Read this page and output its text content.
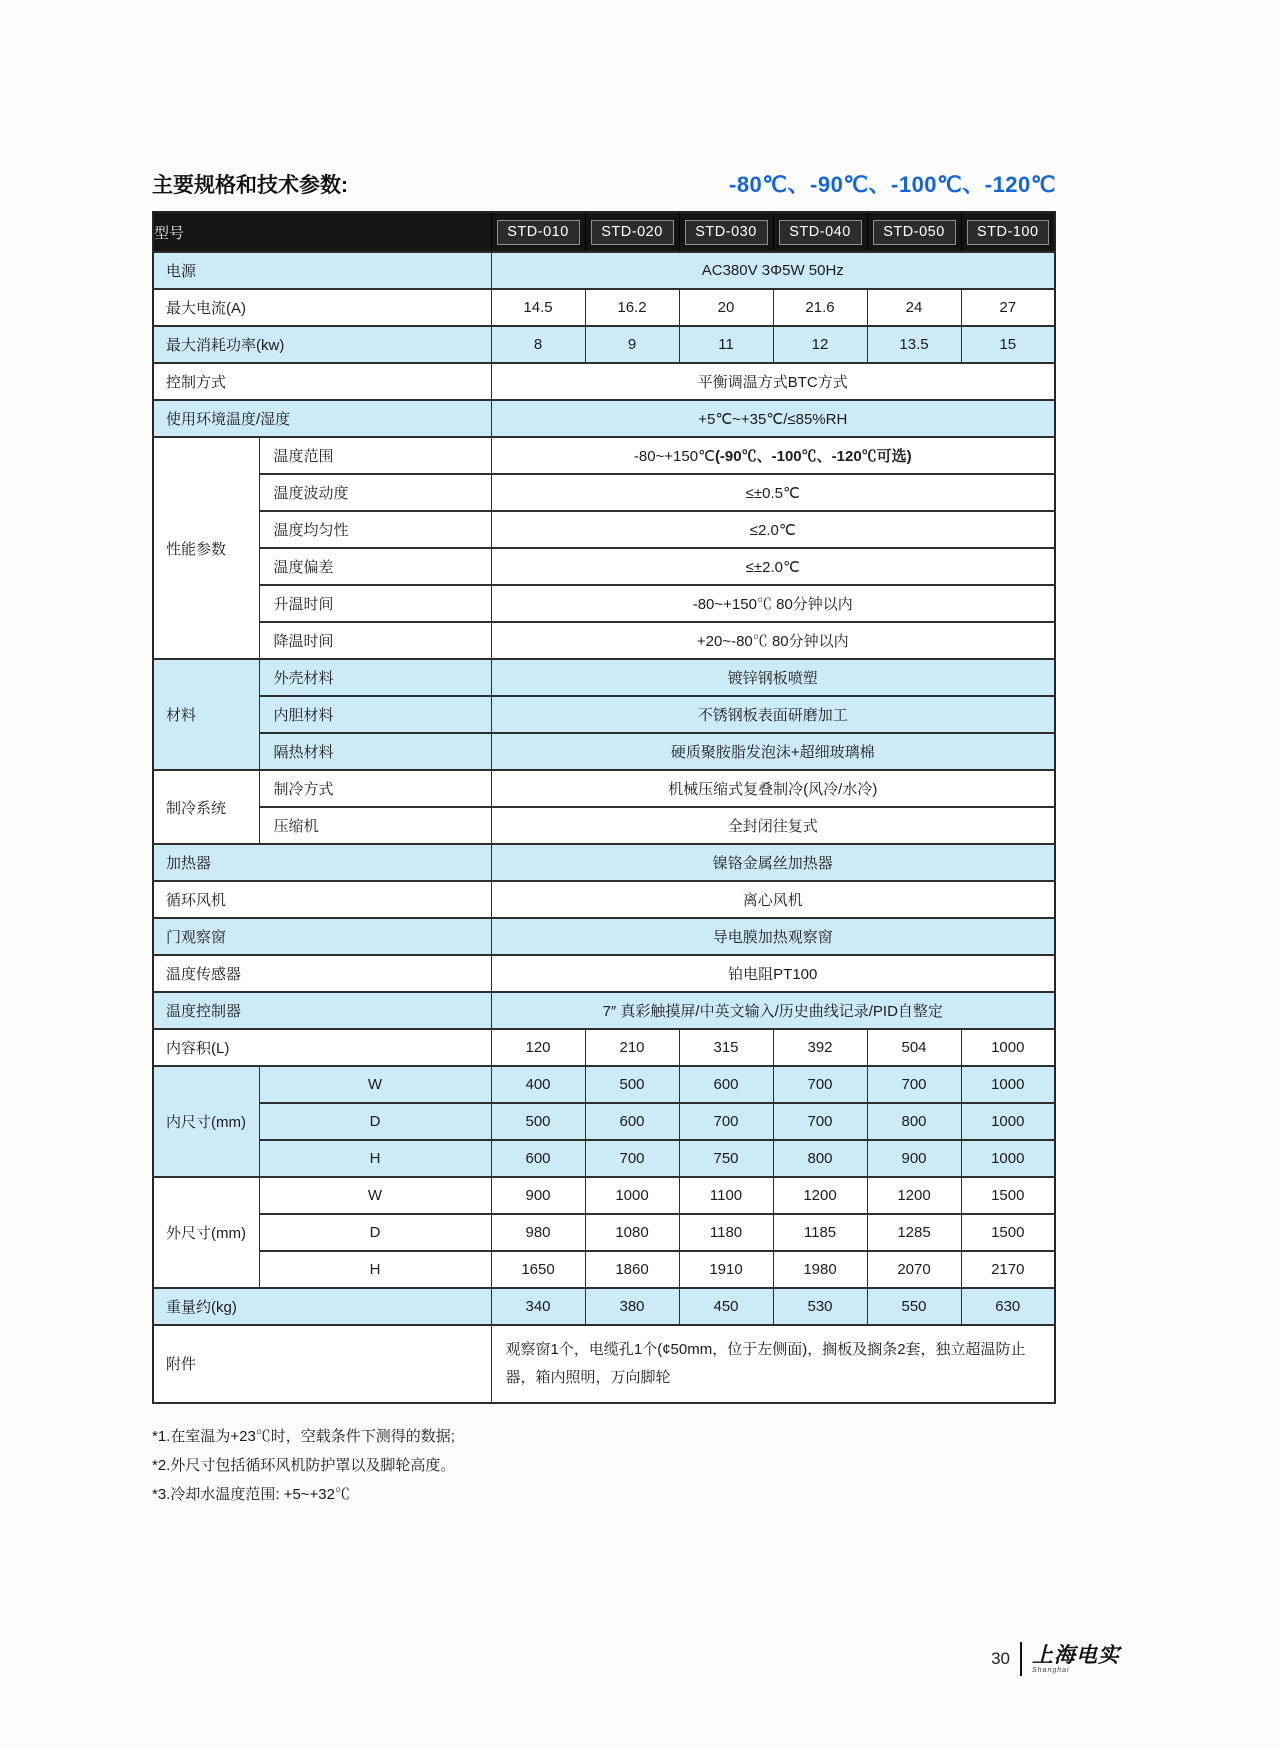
主要规格和技术参数:	-80℃、-90℃、-100℃、-120℃
型号		STD-010	STD-020	STD-030	STD-040	STD-050	STD-100

电源		AC380V 3Φ5W 50Hz					
最大电流(A)		14.5	16.2	20	21.6	24	27
最大消耗功率(kw)		8	9	11	12	13.5	15
控制方式		平衡调温方式BTC方式					
使用环境温度/湿度		+5℃~+35℃/≤85%RH					
性能参数	温度范围	-80~+150℃(-90℃、-100℃、-120℃可选)					
	温度波动度	≤±0.5℃					
	温度均匀性	≤2.0℃					
	温度偏差	≤±2.0℃					
	升温时间	-80~+150℃ 80分钟以内					
	降温时间	+20~-80℃ 80分钟以内					
材料	外壳材料	镀锌钢板喷塑					
	内胆材料	不锈钢板表面研磨加工					
	隔热材料	硬质聚胺脂发泡沫+超细玻璃棉					
制冷系统	制冷方式	机械压缩式复叠制冷(风冷/水冷)					
	压缩机	全封闭往复式					
加热器		镍铬金属丝加热器					
循环风机		离心风机					
门观察窗		导电膜加热观察窗					
温度传感器		铂电阻PT100					
温度控制器		7″ 真彩触摸屏/中英文输入/历史曲线记录/PID自整定					
内容积(L)		120	210	315	392	504	1000
内尺寸(mm)	W	400	500	600	700	700	1000
	D	500	600	700	700	800	1000
	H	600	700	750	800	900	1000
外尺寸(mm)	W	900	1000	1100	1200	1200	1500
	D	980	1080	1180	1185	1285	1500
	H	1650	1860	1910	1980	2070	2170
重量约(kg)		340	380	450	530	550	630
附件		观察窗1个，电缆孔1个(¢50mm，位于左侧面)，搁板及搁条2套，独立超温防止器，箱内照明，万向脚轮					
*1.在室温为+23℃时，空载条件下测得的数据;
*2.外尺寸包括循环风机防护罩以及脚轮高度。
*3.冷却水温度范围: +5~+32℃
30 上海电实
Shanghai
